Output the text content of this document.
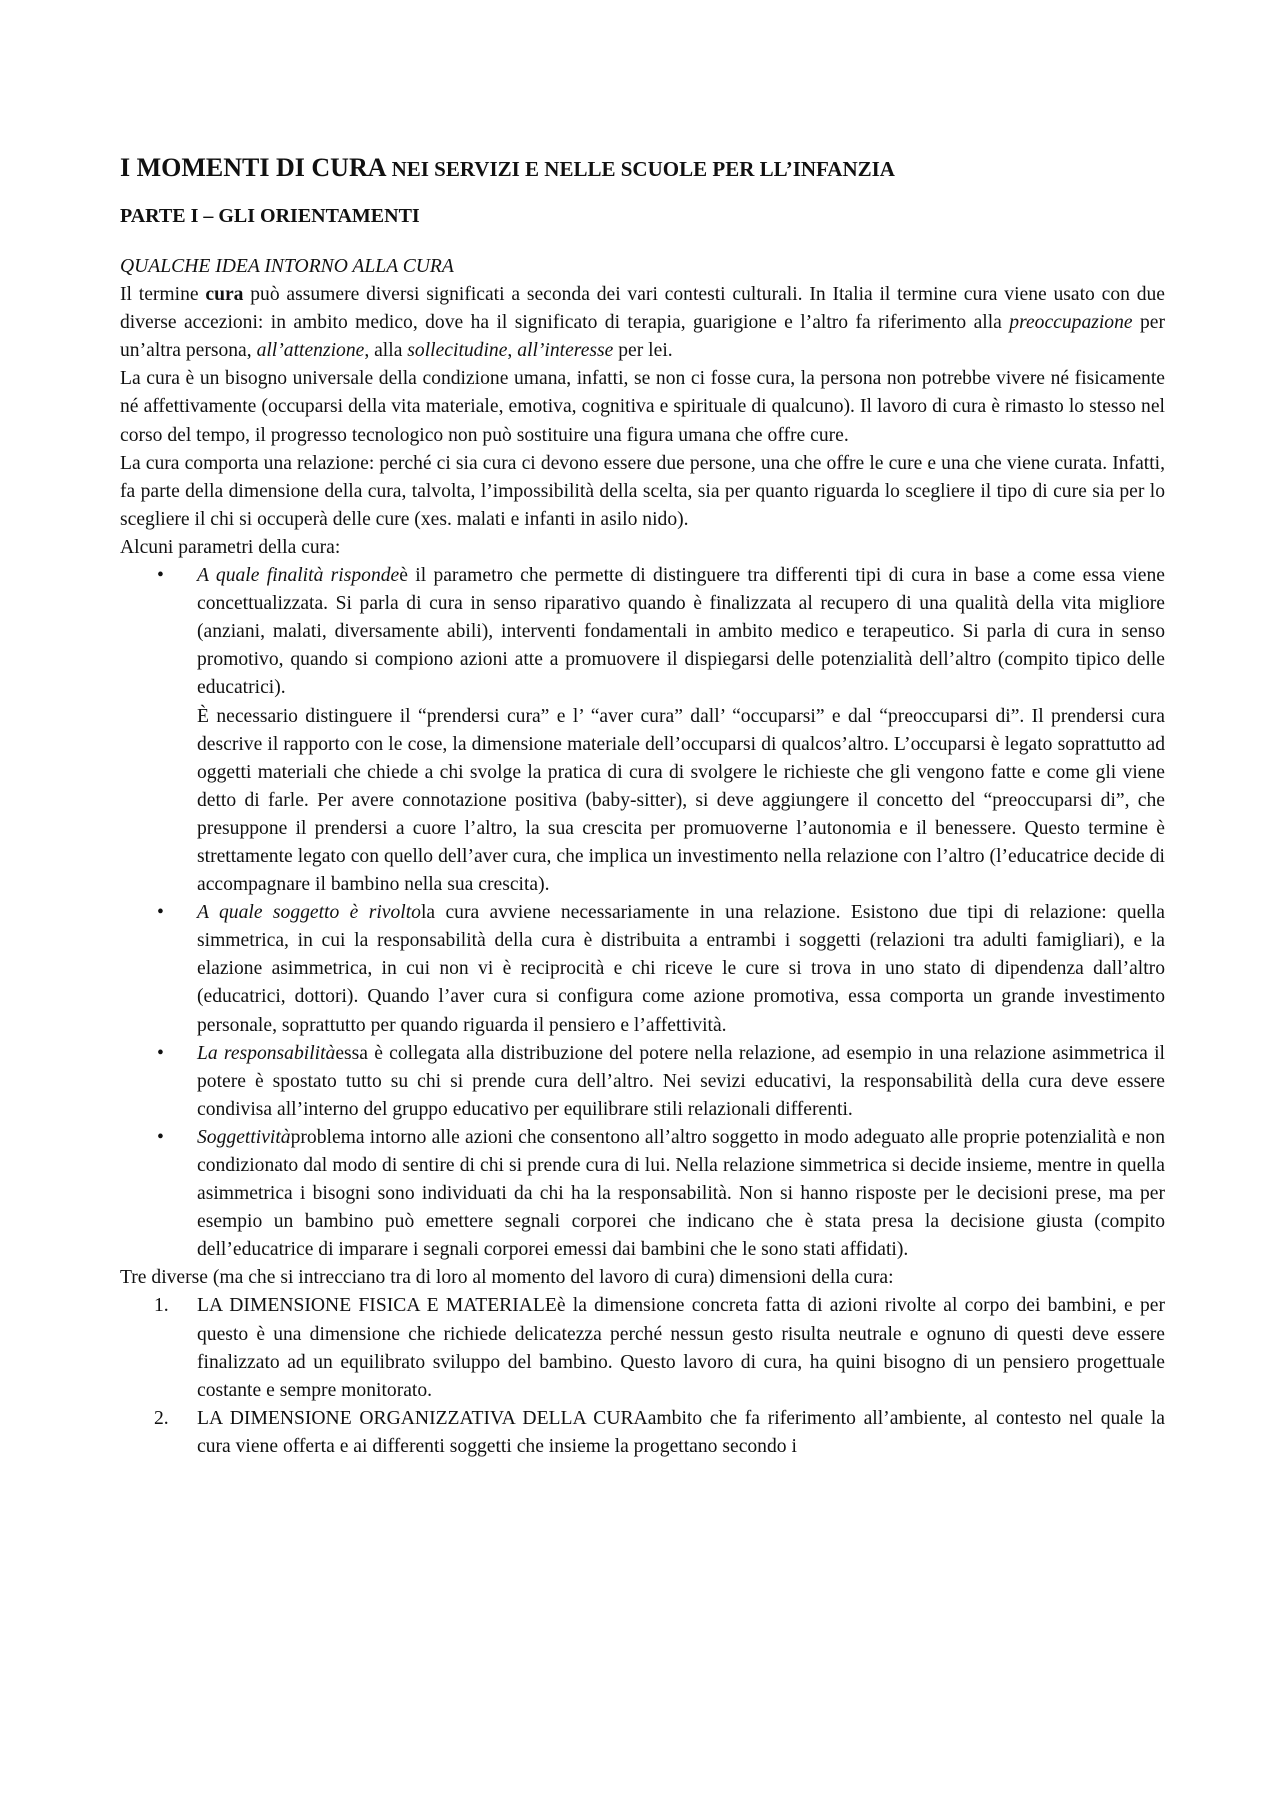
I MOMENTI DI CURA NEI SERVIZI E NELLE SCUOLE PER LL’INFANZIA
PARTE I – GLI ORIENTAMENTI
QUALCHE IDEA INTORNO ALLA CURA

Il termine cura può assumere diversi significati a seconda dei vari contesti culturali. In Italia il termine cura viene usato con due diverse accezioni: in ambito medico, dove ha il significato di terapia, guarigione e l’altro fa riferimento alla preoccupazione per un’altra persona, all’attenzione, alla sollecitudine, all’interesse per lei.

La cura è un bisogno universale della condizione umana, infatti, se non ci fosse cura, la persona non potrebbe vivere né fisicamente né affettivamente (occuparsi della vita materiale, emotiva, cognitiva e spirituale di qualcuno). Il lavoro di cura è rimasto lo stesso nel corso del tempo, il progresso tecnologico non può sostituire una figura umana che offre cure.

La cura comporta una relazione: perché ci sia cura ci devono essere due persone, una che offre le cure e una che viene curata. Infatti, fa parte della dimensione della cura, talvolta, l’impossibilità della scelta, sia per quanto riguarda lo scegliere il tipo di cure sia per lo scegliere il chi si occuperà delle cure (xes. malati e infanti in asilo nido).

Alcuni parametri della cura:

• A quale finalità rispondeè il parametro che permette di distinguere tra differenti tipi di cura in base a come essa viene concettualizzata. Si parla di cura in senso riparativo quando è finalizzata al recupero di una qualità della vita migliore (anziani, malati, diversamente abili), interventi fondamentali in ambito medico e terapeutico. Si parla di cura in senso promotivo, quando si compiono azioni atte a promuovere il dispiegarsi delle potenzialità dell’altro (compito tipico delle educatrici).
È necessario distinguere il “prendersi cura” e l’ “aver cura” dall’ “occuparsi” e dal “preoccuparsi di”. Il prendersi cura descrive il rapporto con le cose, la dimensione materiale dell’occuparsi di qualcos’altro. L’occuparsi è legato soprattutto ad oggetti materiali che chiede a chi svolge la pratica di cura di svolgere le richieste che gli vengono fatte e come gli viene detto di farle. Per avere connotazione positiva (baby-sitter), si deve aggiungere il concetto del “preoccuparsi di”, che presuppone il prendersi a cuore l’altro, la sua crescita per promuoverne l’autonomia e il benessere. Questo termine è strettamente legato con quello dell’aver cura, che implica un investimento nella relazione con l’altro (l’educatrice decide di accompagnare il bambino nella sua crescita).
• A quale soggetto è rivoltola cura avviene necessariamente in una relazione. Esistono due tipi di relazione: quella simmetrica, in cui la responsabilità della cura è distribuita a entrambi i soggetti (relazioni tra adulti famigliari), e la elazione asimmetrica, in cui non vi è reciprocità e chi riceve le cure si trova in uno stato di dipendenza dall’altro (educatrici, dottori). Quando l’aver cura si configura come azione promotiva, essa comporta un grande investimento personale, soprattutto per quando riguarda il pensiero e l’affettività.
• La responsabilitàessa è collegata alla distribuzione del potere nella relazione, ad esempio in una relazione asimmetrica il potere è spostato tutto su chi si prende cura dell’altro. Nei sevizi educativi, la responsabilità della cura deve essere condivisa all’interno del gruppo educativo per equilibrare stili relazionali differenti.
• Soggettivitàproblema intorno alle azioni che consentono all’altro soggetto in modo adeguato alle proprie potenzialità e non condizionato dal modo di sentire di chi si prende cura di lui. Nella relazione simmetrica si decide insieme, mentre in quella asimmetrica i bisogni sono individuati da chi ha la responsabilità. Non si hanno risposte per le decisioni prese, ma per esempio un bambino può emettere segnali corporei che indicano che è stata presa la decisione giusta (compito dell’educatrice di imparare i segnali corporei emessi dai bambini che le sono stati affidati).

Tre diverse (ma che si intrecciano tra di loro al momento del lavoro di cura) dimensioni della cura:

1. LA DIMENSIONE FISICA E MATERIALEè la dimensione concreta fatta di azioni rivolte al corpo dei bambini, e per questo è una dimensione che richiede delicatezza perché nessun gesto risulta neutrale e ognuno di questi deve essere finalizzato ad un equilibrato sviluppo del bambino. Questo lavoro di cura, ha quini bisogno di un pensiero progettuale costante e sempre monitorato.
2. LA DIMENSIONE ORGANIZZATIVA DELLA CURAambito che fa riferimento all’ambiente, al contesto nel quale la cura viene offerta e ai differenti soggetti che insieme la progettano secondo i
